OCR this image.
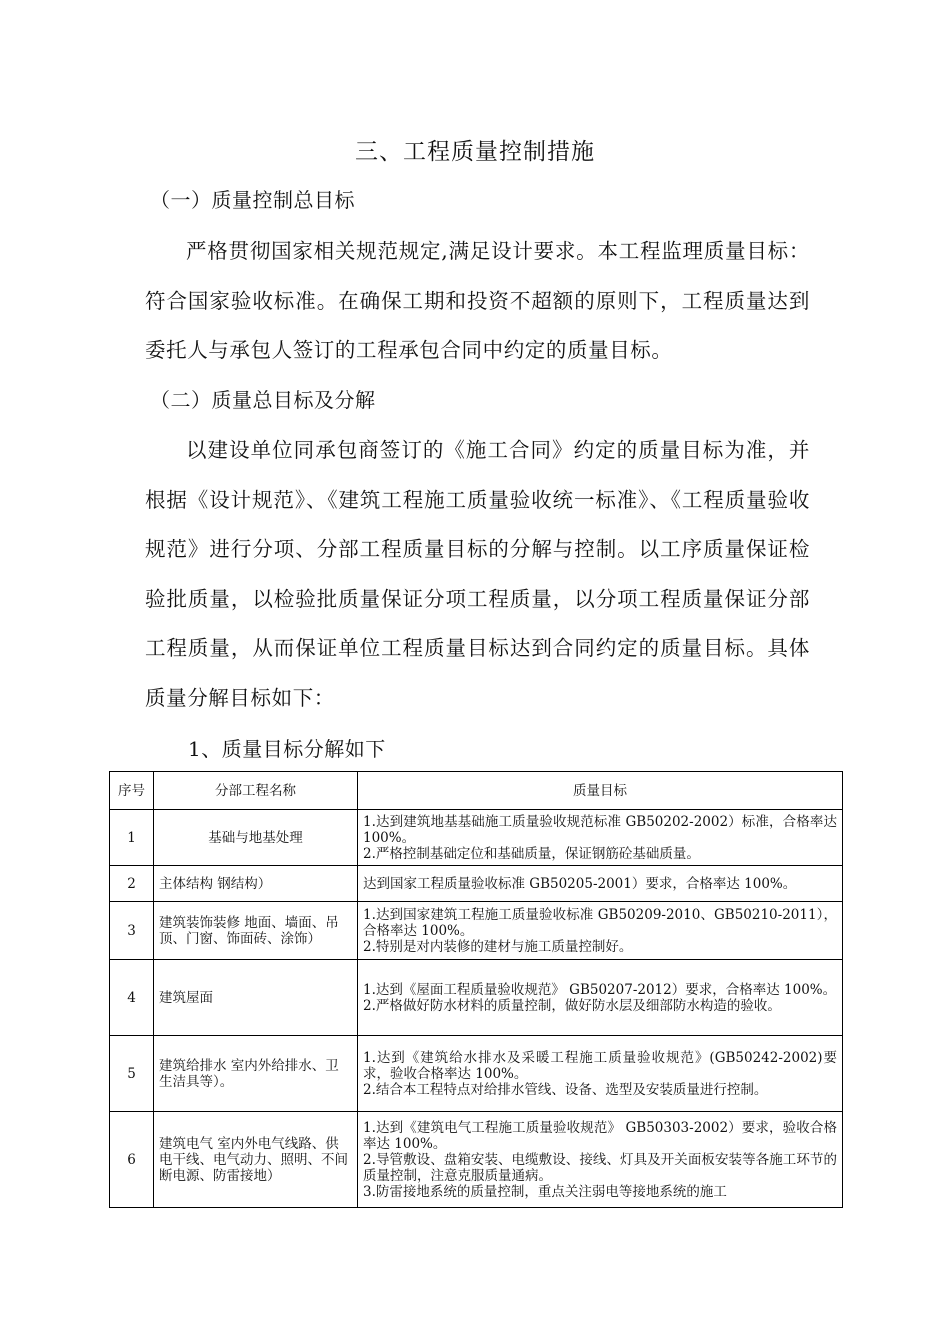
三、工程质量控制措施
（一）质量控制总目标
严格贯彻国家相关规范规定,满足设计要求。本工程监理质量目标：符合国家验收标准。在确保工期和投资不超额的原则下，工程质量达到委托人与承包人签订的工程承包合同中约定的质量目标。
（二）质量总目标及分解
以建设单位同承包商签订的《施工合同》约定的质量目标为准，并根据《设计规范》、《建筑工程施工质量验收统一标准》、《工程质量验收规范》进行分项、分部工程质量目标的分解与控制。以工序质量保证检验批质量，以检验批质量保证分项工程质量，以分项工程质量保证分部工程质量，从而保证单位工程质量目标达到合同约定的质量目标。具体质量分解目标如下：
1、质量目标分解如下
序号	分部工程名称	质量目标
1	基础与地基处理	1.达到建筑地基基础施工质量验收规范标准 GB50202-2002）标准，合格率达 100%。
2.严格控制基础定位和基础质量，保证钢筋砼基础质量。

2	主体结构 钢结构）	达到国家工程质量验收标准 GB50205-2001）要求，合格率达 100%。

3	建筑装饰装修 地面、墙面、吊顶、门窗、饰面砖、涂饰）	1.达到国家建筑工程施工质量验收标准 GB50209-2010、GB50210-2011），合格率达 100%。
2.特别是对内装修的建材与施工质量控制好。

4	建筑屋面	1.达到《屋面工程质量验收规范》 GB50207-2012）要求，合格率达 100%。
2.严格做好防水材料的质量控制，做好防水层及细部防水构造的验收。

5	建筑给排水 室内外给排水、卫生洁具等）。	1.达到《建筑给水排水及采暖工程施工质量验收规范》(GB50242-2002)要求，验收合格率达 100%。
2.结合本工程特点对给排水管线、设备、选型及安装质量进行控制。

6	建筑电气 室内外电气线路、供电干线、电气动力、照明、不间断电源、防雷接地）	1.达到《建筑电气工程施工质量验收规范》 GB50303-2002）要求，验收合格率达 100%。
2.导管敷设、盘箱安装、电缆敷设、接线、灯具及开关面板安装等各施工环节的质量控制，注意克服质量通病。
3.防雷接地系统的质量控制，重点关注弱电等接地系统的施工
